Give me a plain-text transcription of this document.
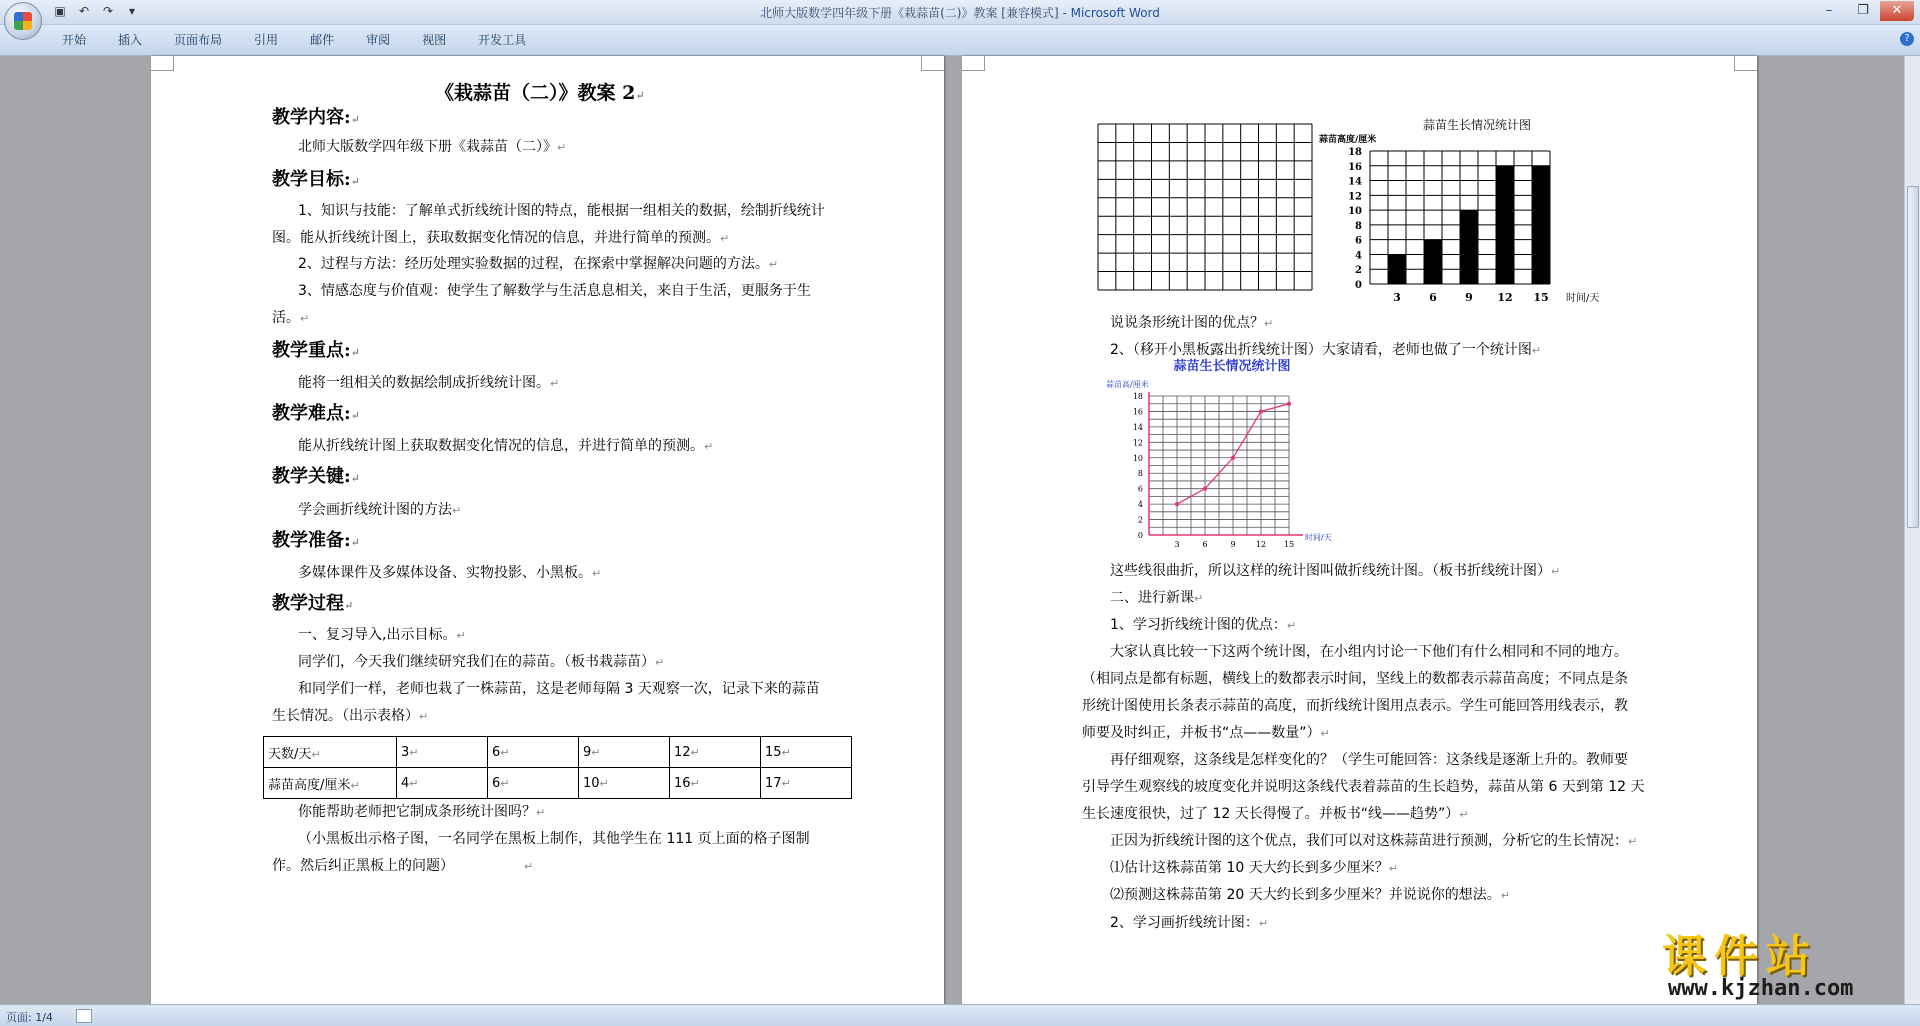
▣ ↶ ↷	▾	北师大版数学四年级下册《栽蒜苗(二)》教案 [兼容模式] - Microsoft Word	–	❐	✕
开始	插入	页面布局	引用	邮件	审阅	视图	开发工具	?
《栽蒜苗（二）》教案 2↵
教学内容:↵
北师大版数学四年级下册《栽蒜苗（二）》↵
教学目标:↵
1、知识与技能：了解单式折线统计图的特点，能根据一组相关的数据，绘制折线统计
图。能从折线统计图上，获取数据变化情况的信息，并进行简单的预测。↵
2、过程与方法：经历处理实验数据的过程，在探索中掌握解决问题的方法。↵
3、情感态度与价值观：使学生了解数学与生活息息相关，来自于生活，更服务于生
活。↵
教学重点:↵
能将一组相关的数据绘制成折线统计图。↵
教学难点:↵
能从折线统计图上获取数据变化情况的信息，并进行简单的预测。↵
教学关键:↵
学会画折线统计图的方法↵
教学准备:↵
多媒体课件及多媒体设备、实物投影、小黑板。↵
教学过程↵
一、复习导入,出示目标。↵
同学们，今天我们继续研究我们在的蒜苗。（板书栽蒜苗）↵
和同学们一样，老师也栽了一株蒜苗，这是老师每隔 3 天观察一次，记录下来的蒜苗
生长情况。（出示表格）↵
天数/天↵	3↵	6↵	9↵	12↵	15↵
蒜苗高度/厘米↵	4↵	6↵	10↵	16↵	17↵
你能帮助老师把它制成条形统计图吗？↵
（小黑板出示格子图，一名同学在黑板上制作，其他学生在 111 页上面的格子图制
作。然后纠正黑板上的问题）	↵
蒜苗生长情况统计图
蒜苗高度/厘米
0
2
4
6
8
10
12
14
16
18
3	6	9 12 15 时间/天
说说条形统计图的优点？↵
2、（移开小黑板露出折线统计图）大家请看，老师也做了一个统计图↵
蒜苗生长情况统计图
蒜苗高/厘米
0
2
4
6
8
10
12
14
16
18
3	6	9	12 15
时间/天
这些线很曲折，所以这样的统计图叫做折线统计图。（板书折线统计图）↵
二、进行新课↵
1、学习折线统计图的优点：↵
大家认真比较一下这两个统计图，在小组内讨论一下他们有什么相同和不同的地方。
（相同点是都有标题，横线上的数都表示时间，坚线上的数都表示蒜苗高度；不同点是条
形统计图使用长条表示蒜苗的高度，而折线统计图用点表示。学生可能回答用线表示，教
师要及时纠正，并板书“点——数量”）↵
再仔细观察，这条线是怎样变化的？（学生可能回答：这条线是逐渐上升的。教师要
引导学生观察线的坡度变化并说明这条线代表着蒜苗的生长趋势，蒜苗从第 6 天到第 12 天
生长速度很快，过了 12 天长得慢了。并板书“线——趋势”）↵
正因为折线统计图的这个优点，我们可以对这株蒜苗进行预测，分析它的生长情况：↵
⑴估计这株蒜苗第 10 天大约长到多少厘米？↵
⑵预测这株蒜苗第 20 天大约长到多少厘米？并说说你的想法。↵
2、学习画折线统计图：↵
课件站
www.kjzhan.com
页面: 1/4
